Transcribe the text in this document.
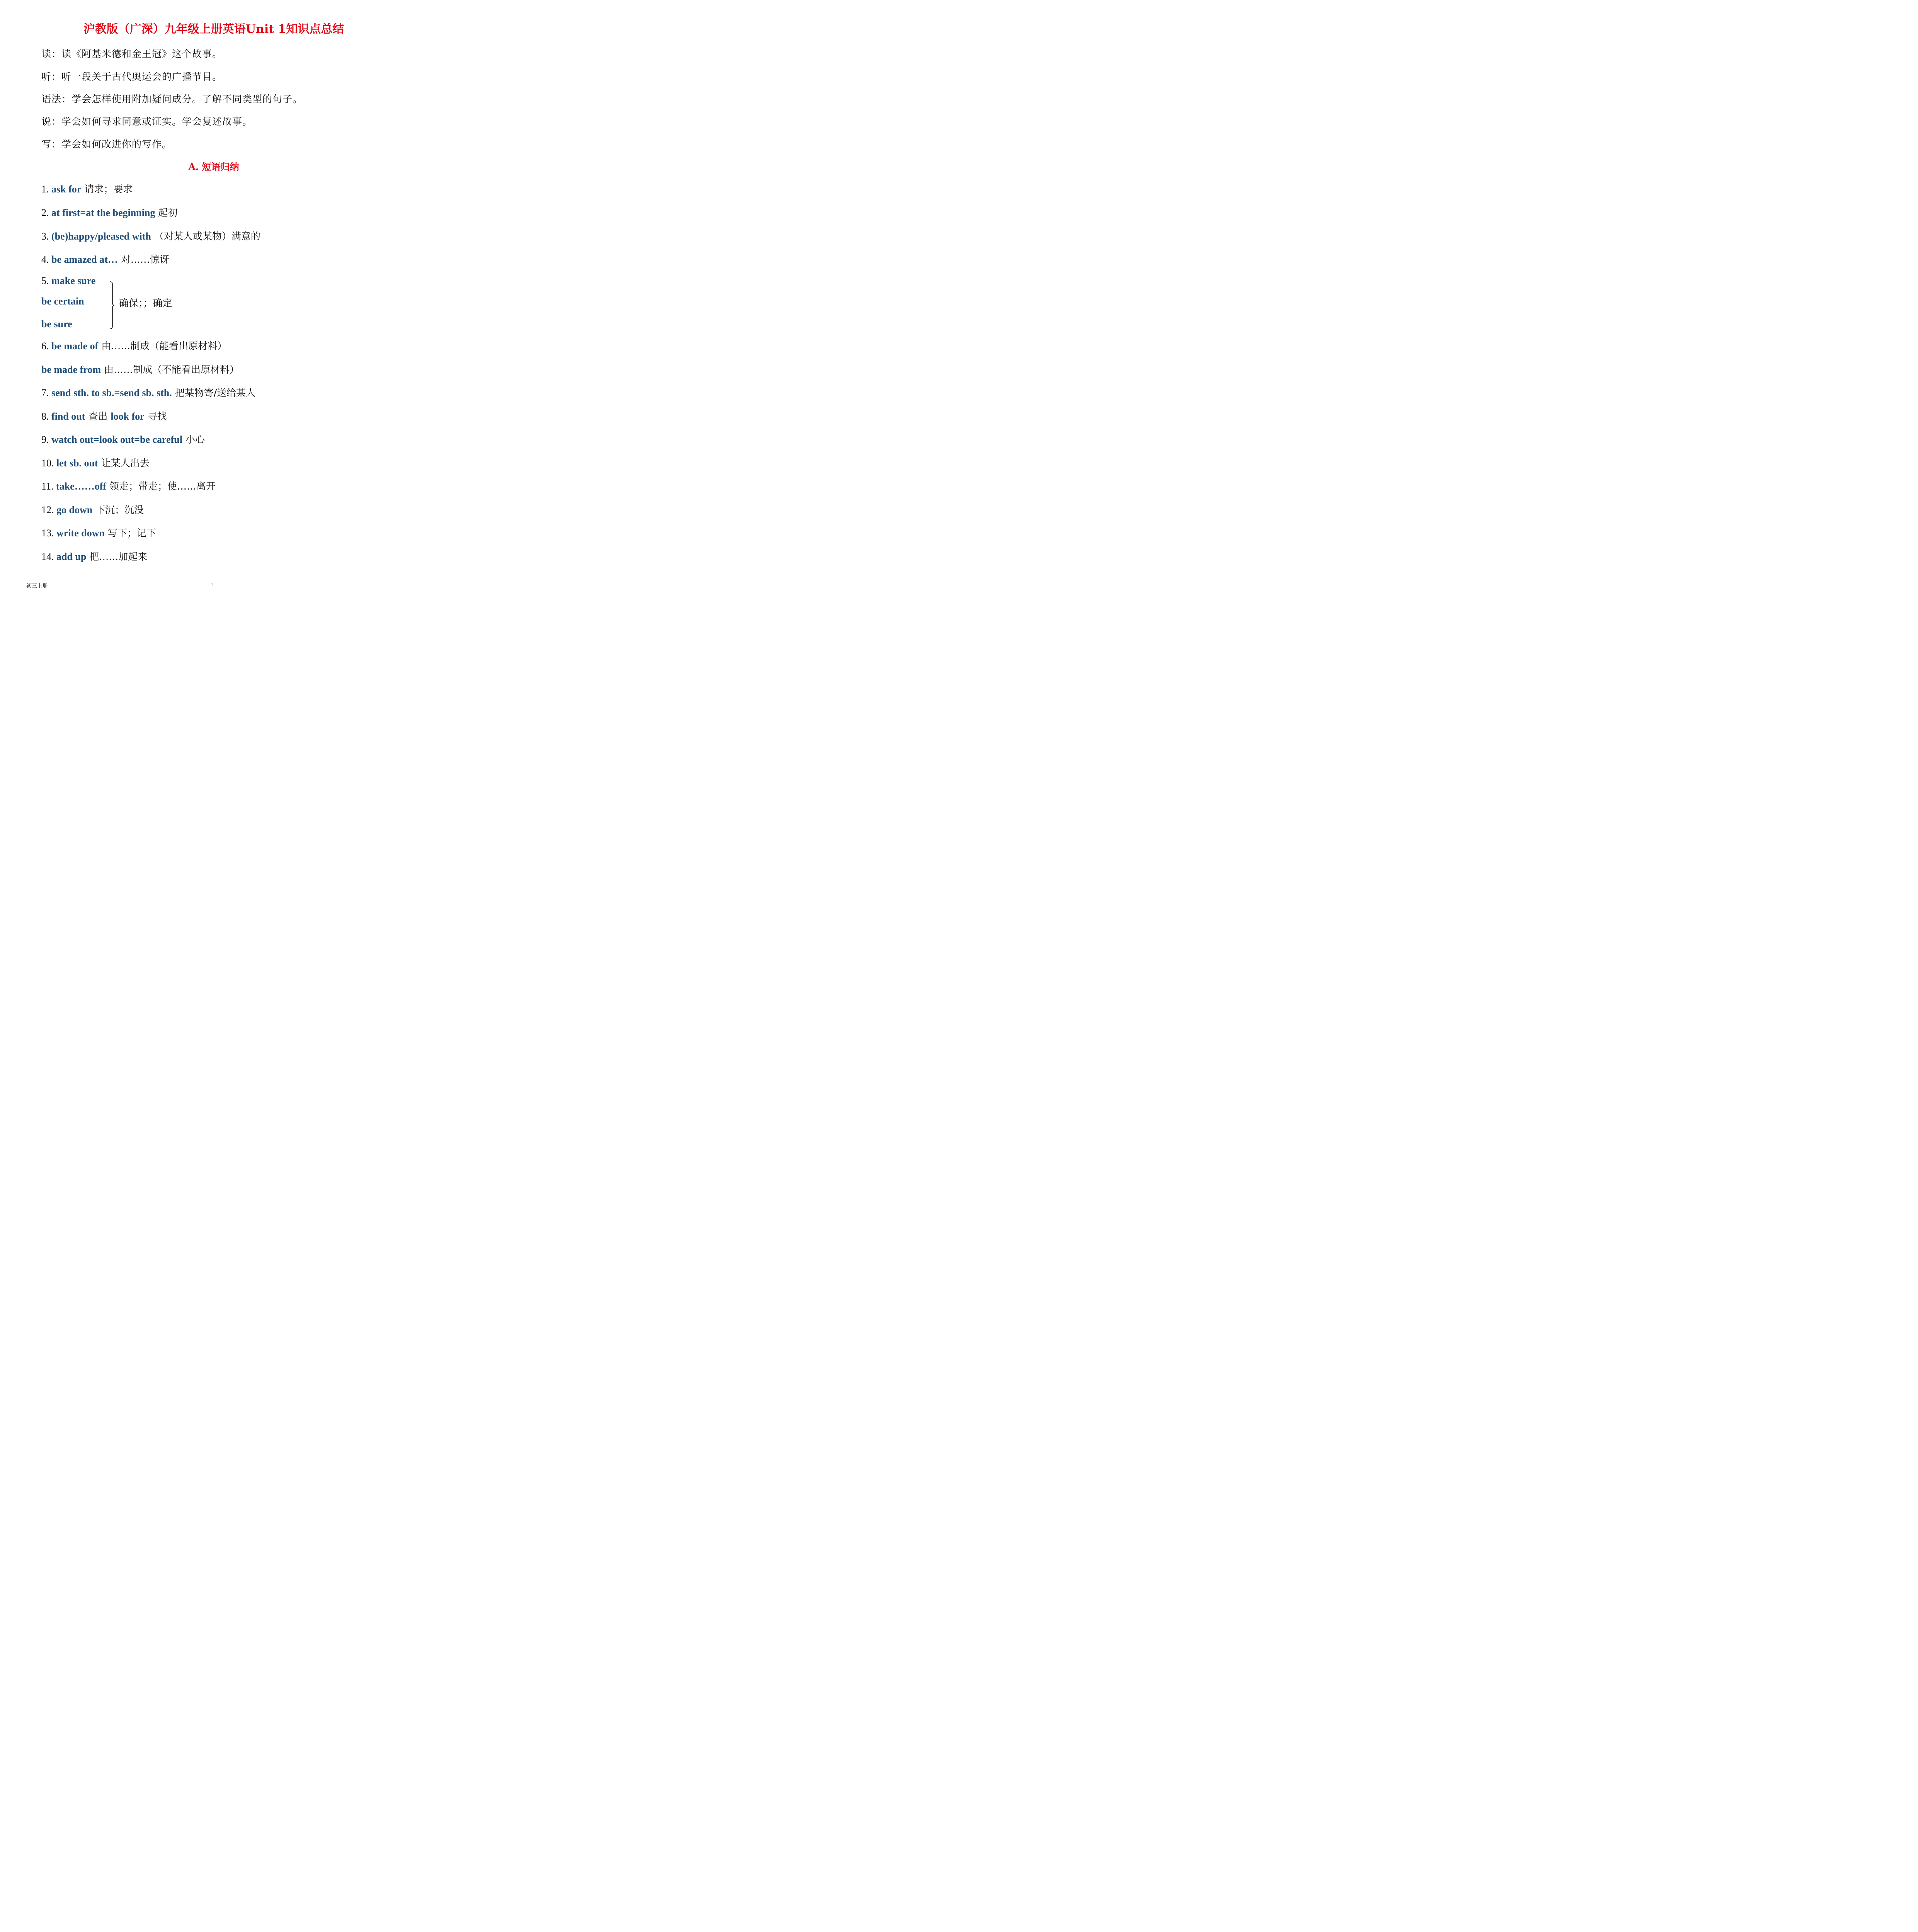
沪教版（广深）九年级上册英语Unit 1知识点总结
读：读《阿基米德和金王冠》这个故事。
听：听一段关于古代奥运会的广播节目。
语法：学会怎样使用附加疑问成分。了解不同类型的句子。
说：学会如何寻求同意或证实。学会复述故事。
写：学会如何改进你的写作。
A. 短语归纳
1. ask for 请求；要求
2. at first=at the beginning 起初
3. (be)happy/pleased with （对某人或某物）满意的
4. be amazed at… 对……惊讶
5. make sure
be certain
be sure
确保；；确定
6. be made of 由……制成（能看出原材料）
be made from 由……制成（不能看出原材料）
7. send sth. to sb.=send sb. sth. 把某物寄/送给某人
8. find out 查出 look for 寻找
9. watch out=look out=be careful 小心
10. let sb. out 让某人出去
11. take……off 领走；带走；使……离开
12. go down 下沉；沉没
13. write down 写下；记下
14. add up 把……加起来
初三上册	1
